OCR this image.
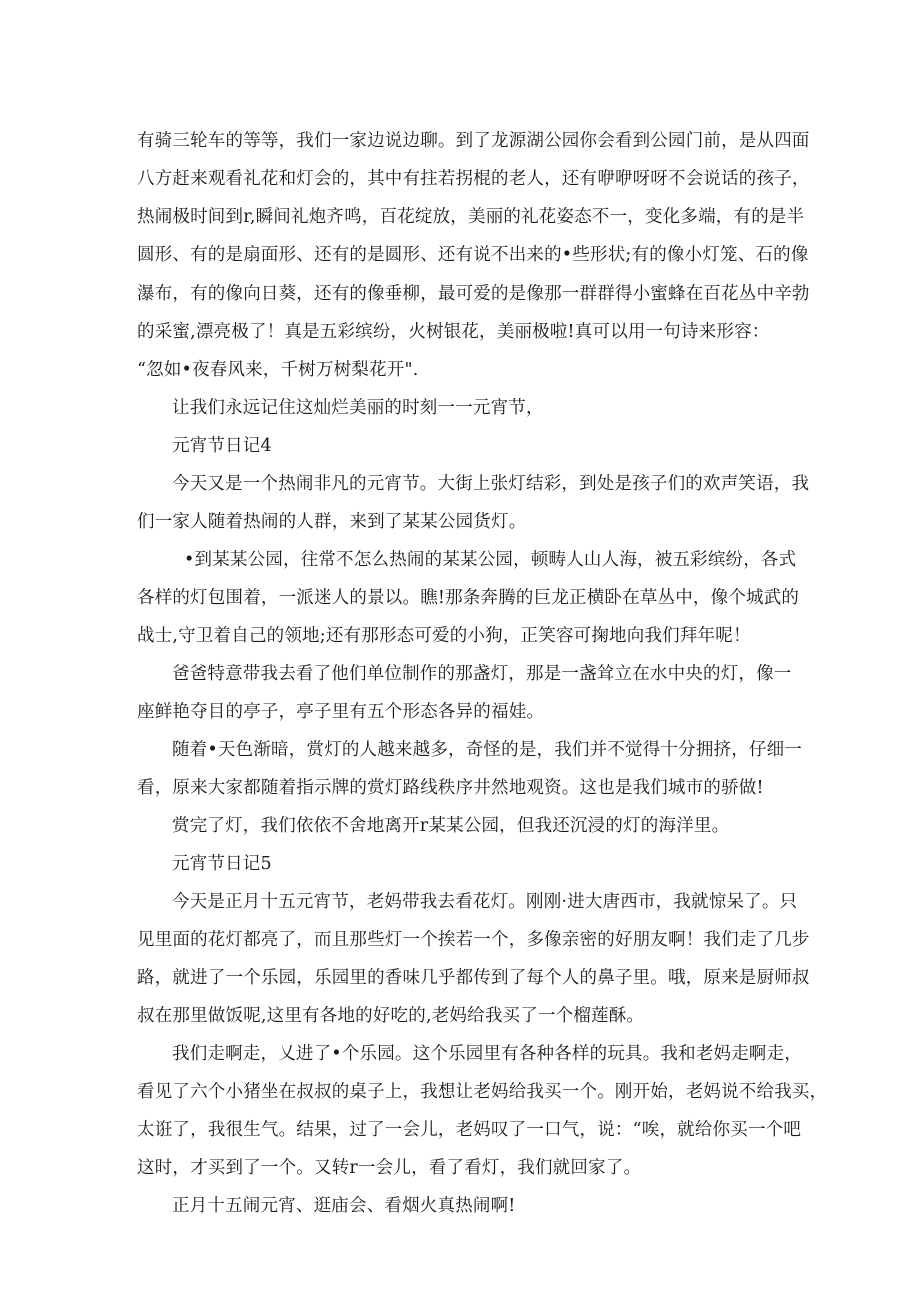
有骑三轮车的等等，我们一家边说边聊。到了龙源湖公园你会看到公园门前，是从四面
八方赶来观看礼花和灯会的，其中有拄若拐棍的老人，还有咿咿呀呀不会说话的孩子，
热闹极时间到r,瞬间礼炮齐鸣，百花绽放，美丽的礼花姿态不一，变化多端，有的是半
圆形、有的是扇面形、还有的是圆形、还有说不出来的•些形状;有的像小灯笼、石的像
瀑布，有的像向日葵，还有的像垂柳，最可爱的是像那一群群得小蜜蜂在百花丛中辛勃
的采蜜,漂亮极了！真是五彩缤纷，火树银花，美丽极啦!真可以用一句诗来形容：
“忽如•夜春风来，千树万树梨花开".
让我们永远记住这灿烂美丽的时刻一一元宵节，
元宵节日记4
今天又是一个热闹非凡的元宵节。大街上张灯结彩，到处是孩子们的欢声笑语，我
们一家人随着热闹的人群，来到了某某公园货灯。
•到某某公园，往常不怎么热闹的某某公园，顿畴人山人海，被五彩缤纷，各式
各样的灯包围着，一派迷人的景以。瞧!那条奔腾的巨龙正横卧在草丛中，像个城武的
战士,守卫着自己的领地;还有那形态可爱的小狗，正笑容可掬地向我们拜年呢！
爸爸特意带我去看了他们单位制作的那盏灯，那是一盏耸立在水中央的灯，像一
座鲜艳夺目的亭子，亭子里有五个形态各异的福娃。
随着•天色渐暗，赏灯的人越来越多，奇怪的是，我们并不觉得十分拥挤，仔细一
看，原来大家都随着指示牌的赏灯路线秩序井然地观资。这也是我们城市的骄做!
赏完了灯，我们依依不舍地离开r某某公园，但我还沉浸的灯的海洋里。
元宵节日记5
今天是正月十五元宵节，老妈带我去看花灯。刚刚·进大唐西市，我就惊呆了。只
见里面的花灯都亮了，而且那些灯一个挨若一个，多像亲密的好朋友啊！我们走了几步
路，就进了一个乐园，乐园里的香味几乎都传到了每个人的鼻子里。哦，原来是厨师叔
叔在那里做饭呢,这里有各地的好吃的,老妈给我买了一个榴莲酥。
我们走啊走，乂进了•个乐园。这个乐园里有各种各样的玩具。我和老妈走啊走，
看见了六个小猪坐在叔叔的桌子上，我想让老妈给我买一个。刚开始，老妈说不给我买，
太诳了，我很生气。结果，过了一会儿，老妈叹了一口气，说：“唉，就给你买一个吧
这时，才买到了一个。又转r一会儿，看了看灯，我们就回家了。
正月十五闹元宵、逛庙会、看烟火真热闹啊!
